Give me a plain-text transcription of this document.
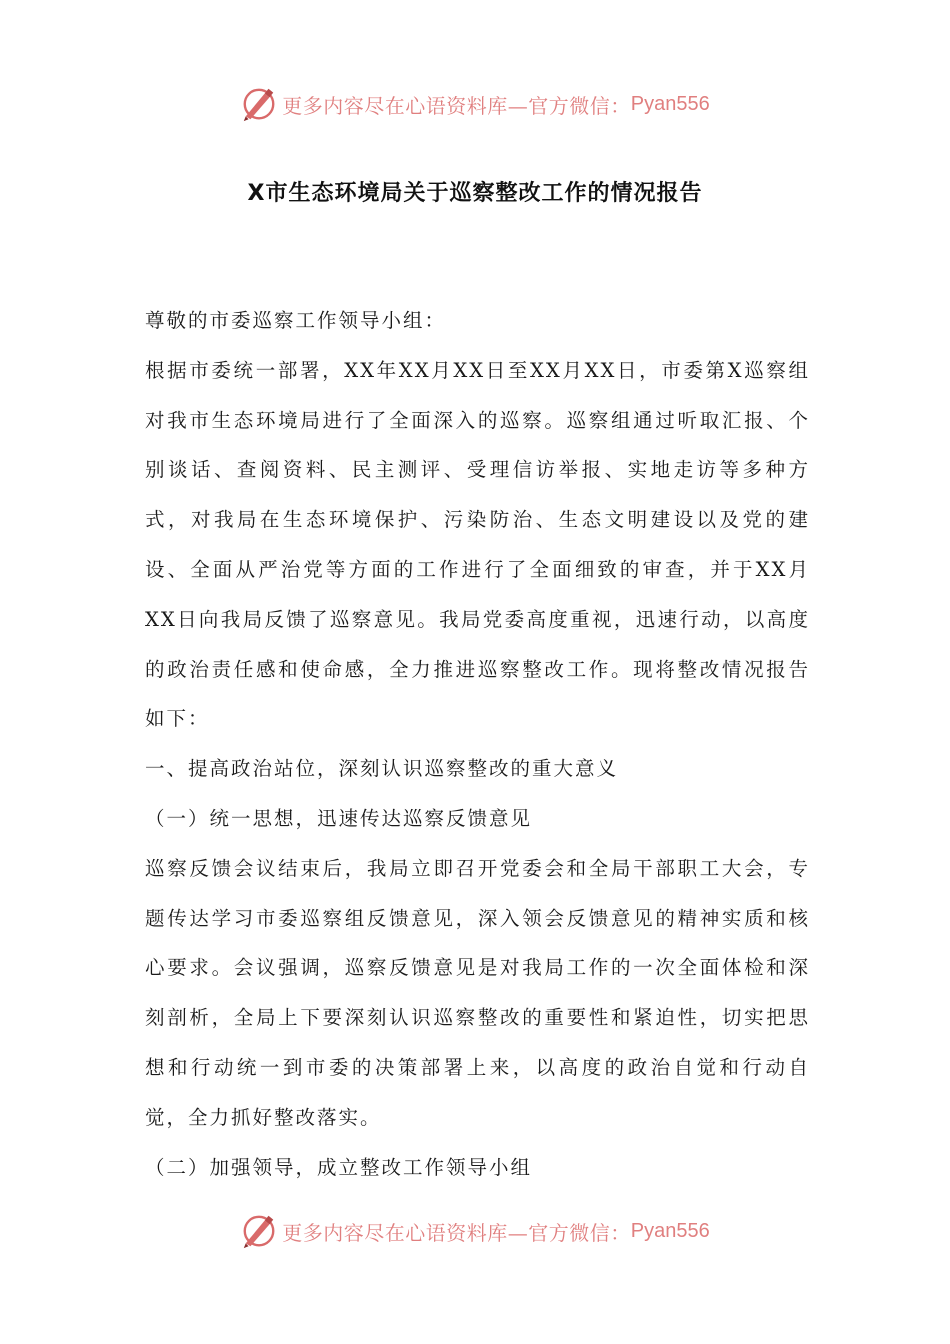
更多内容尽在心语资料库—官方微信： Pyan556
X市生态环境局关于巡察整改工作的情况报告

尊敬的市委巡察工作领导小组：

根据市委统一部署，XX年XX月XX日至XX月XX日，市委第X巡察组对我市生态环境局进行了全面深入的巡察。巡察组通过听取汇报、个别谈话、查阅资料、民主测评、受理信访举报、实地走访等多种方式，对我局在生态环境保护、污染防治、生态文明建设以及党的建设、全面从严治党等方面的工作进行了全面细致的审查，并于XX月XX日向我局反馈了巡察意见。我局党委高度重视，迅速行动，以高度的政治责任感和使命感，全力推进巡察整改工作。现将整改情况报告如下：

一、提高政治站位，深刻认识巡察整改的重大意义

（一）统一思想，迅速传达巡察反馈意见

巡察反馈会议结束后，我局立即召开党委会和全局干部职工大会，专题传达学习市委巡察组反馈意见，深入领会反馈意见的精神实质和核心要求。会议强调，巡察反馈意见是对我局工作的一次全面体检和深刻剖析，全局上下要深刻认识巡察整改的重要性和紧迫性，切实把思想和行动统一到市委的决策部署上来，以高度的政治自觉和行动自觉，全力抓好整改落实。

（二）加强领导，成立整改工作领导小组

更多内容尽在心语资料库—官方微信： Pyan556
